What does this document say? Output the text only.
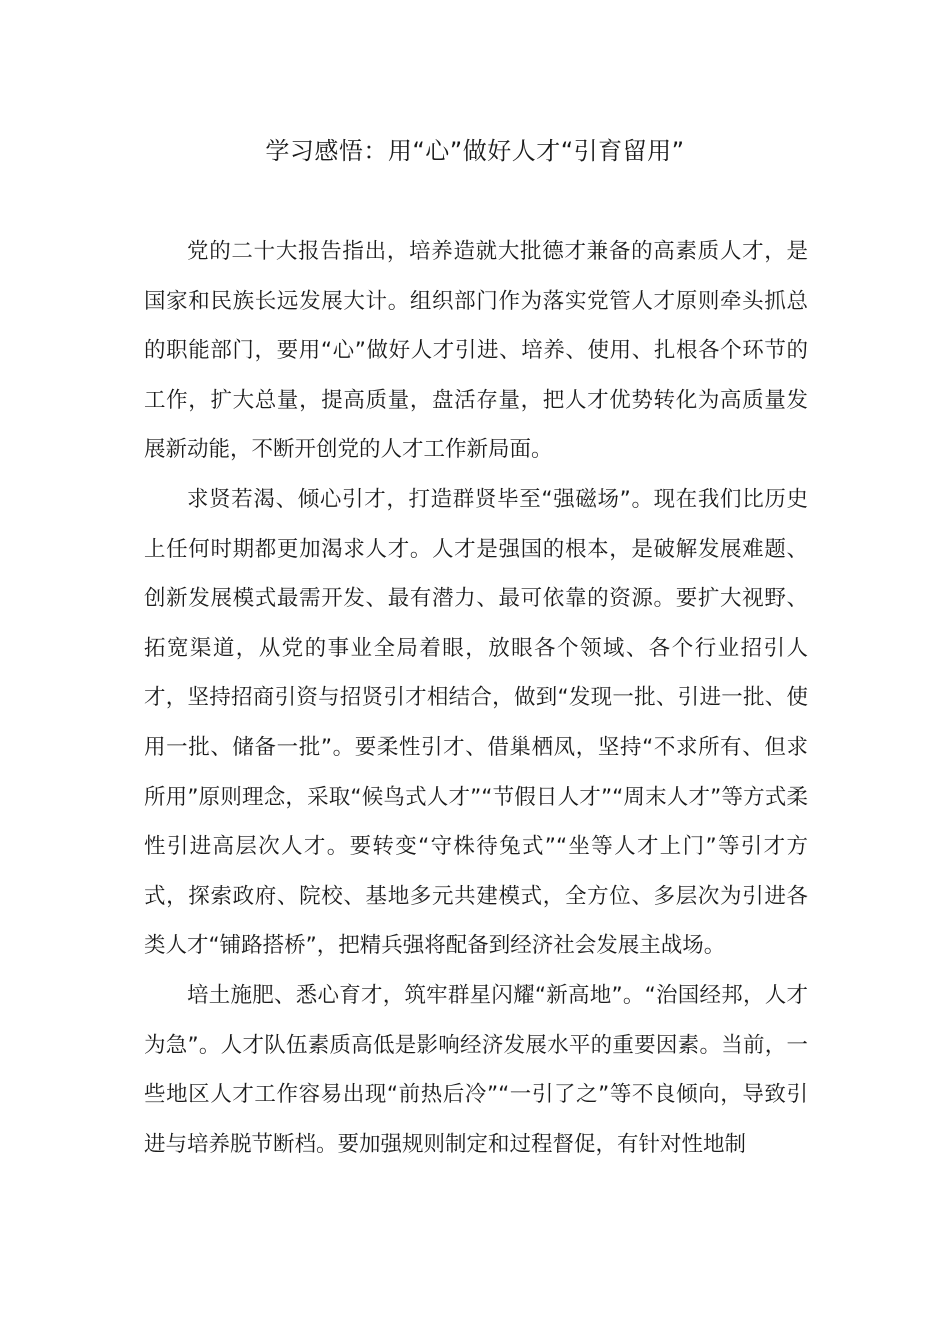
学习感悟：用“心”做好人才“引育留用”

党的二十大报告指出，培养造就大批德才兼备的高素质人才，是国家和民族长远发展大计。组织部门作为落实党管人才原则牵头抓总的职能部门，要用“心”做好人才引进、培养、使用、扎根各个环节的工作，扩大总量，提高质量，盘活存量，把人才优势转化为高质量发展新动能，不断开创党的人才工作新局面。

求贤若渴、倾心引才，打造群贤毕至“强磁场”。现在我们比历史上任何时期都更加渴求人才。人才是强国的根本，是破解发展难题、创新发展模式最需开发、最有潜力、最可依靠的资源。要扩大视野、拓宽渠道，从党的事业全局着眼，放眼各个领域、各个行业招引人才，坚持招商引资与招贤引才相结合，做到“发现一批、引进一批、使用一批、储备一批”。要柔性引才、借巢栖凤，坚持“不求所有、但求所用”原则理念，采取“候鸟式人才”“节假日人才”“周末人才”等方式柔性引进高层次人才。要转变“守株待兔式”“坐等人才上门”等引才方式，探索政府、院校、基地多元共建模式，全方位、多层次为引进各类人才“铺路搭桥”，把精兵强将配备到经济社会发展主战场。

培土施肥、悉心育才，筑牢群星闪耀“新高地”。“治国经邦，人才为急”。人才队伍素质高低是影响经济发展水平的重要因素。当前，一些地区人才工作容易出现“前热后冷”“一引了之”等不良倾向，导致引进与培养脱节断档。要加强规则制定和过程督促，有针对性地制
